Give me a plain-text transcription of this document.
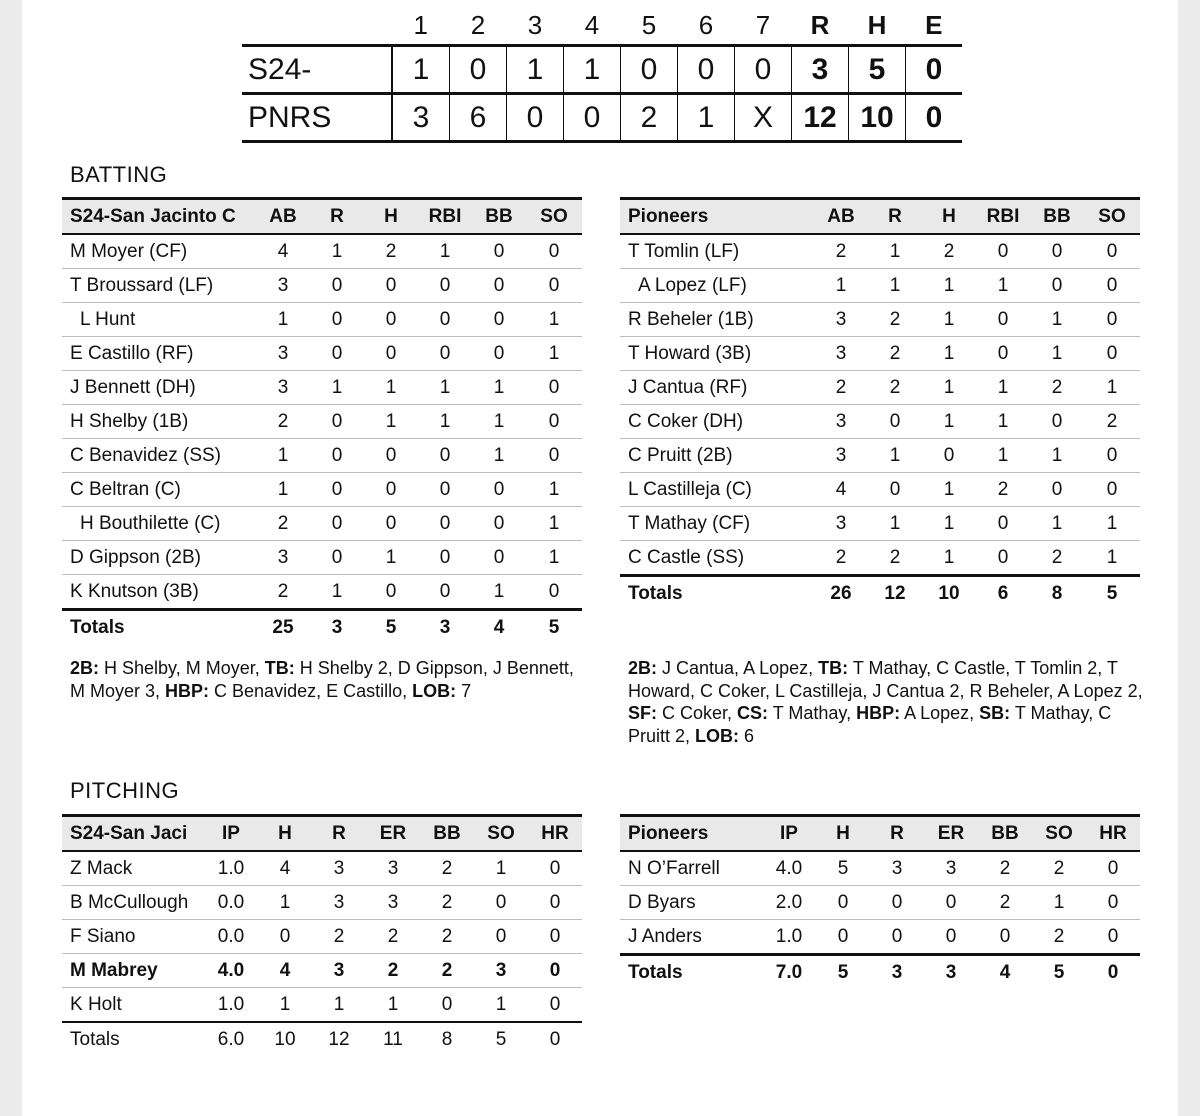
	1	2	3	4	5	6	7	R	H	E
S24-	1	0	1	1	0	0	0	3	5	0
PNRS	3	6	0	0	2	1	X	12	10	0
BATTING
S24-San Jacinto C	AB	R	H	RBI	BB	SO
M Moyer (CF)	4	1	2	1	0	0
T Broussard (LF)	3	0	0	0	0	0
L Hunt	1	0	0	0	0	1
E Castillo (RF)	3	0	0	0	0	1
J Bennett (DH)	3	1	1	1	1	0
H Shelby (1B)	2	0	1	1	1	0
C Benavidez (SS)	1	0	0	0	1	0
C Beltran (C)	1	0	0	0	0	1
H Bouthilette (C)	2	0	0	0	0	1
D Gippson (2B)	3	0	1	0	0	1
K Knutson (3B)	2	1	0	0	1	0
Totals	25	3	5	3	4	5
Pioneers	AB	R	H	RBI	BB	SO
T Tomlin (LF)	2	1	2	0	0	0
A Lopez (LF)	1	1	1	1	0	0
R Beheler (1B)	3	2	1	0	1	0
T Howard (3B)	3	2	1	0	1	0
J Cantua (RF)	2	2	1	1	2	1
C Coker (DH)	3	0	1	1	0	2
C Pruitt (2B)	3	1	0	1	1	0
L Castilleja (C)	4	0	1	2	0	0
T Mathay (CF)	3	1	1	0	1	1
C Castle (SS)	2	2	1	0	2	1
Totals	26	12	10	6	8	5
2B: H Shelby, M Moyer, TB: H Shelby 2, D Gippson, J Bennett, M Moyer 3, HBP: C Benavidez, E Castillo, LOB: 7
2B: J Cantua, A Lopez, TB: T Mathay, C Castle, T Tomlin 2, T Howard, C Coker, L Castilleja, J Cantua 2, R Beheler, A Lopez 2, SF: C Coker, CS: T Mathay, HBP: A Lopez, SB: T Mathay, C Pruitt 2, LOB: 6
PITCHING
S24-San Jaci	IP	H	R	ER	BB	SO	HR
Z Mack	1.0	4	3	3	2	1	0
B McCullough	0.0	1	3	3	2	0	0
F Siano	0.0	0	2	2	2	0	0
M Mabrey	4.0	4	3	2	2	3	0
K Holt	1.0	1	1	1	0	1	0
Totals	6.0	10	12	11	8	5	0
Pioneers	IP	H	R	ER	BB	SO	HR
N O’Farrell	4.0	5	3	3	2	2	0
D Byars	2.0	0	0	0	2	1	0
J Anders	1.0	0	0	0	0	2	0
Totals	7.0	5	3	3	4	5	0
